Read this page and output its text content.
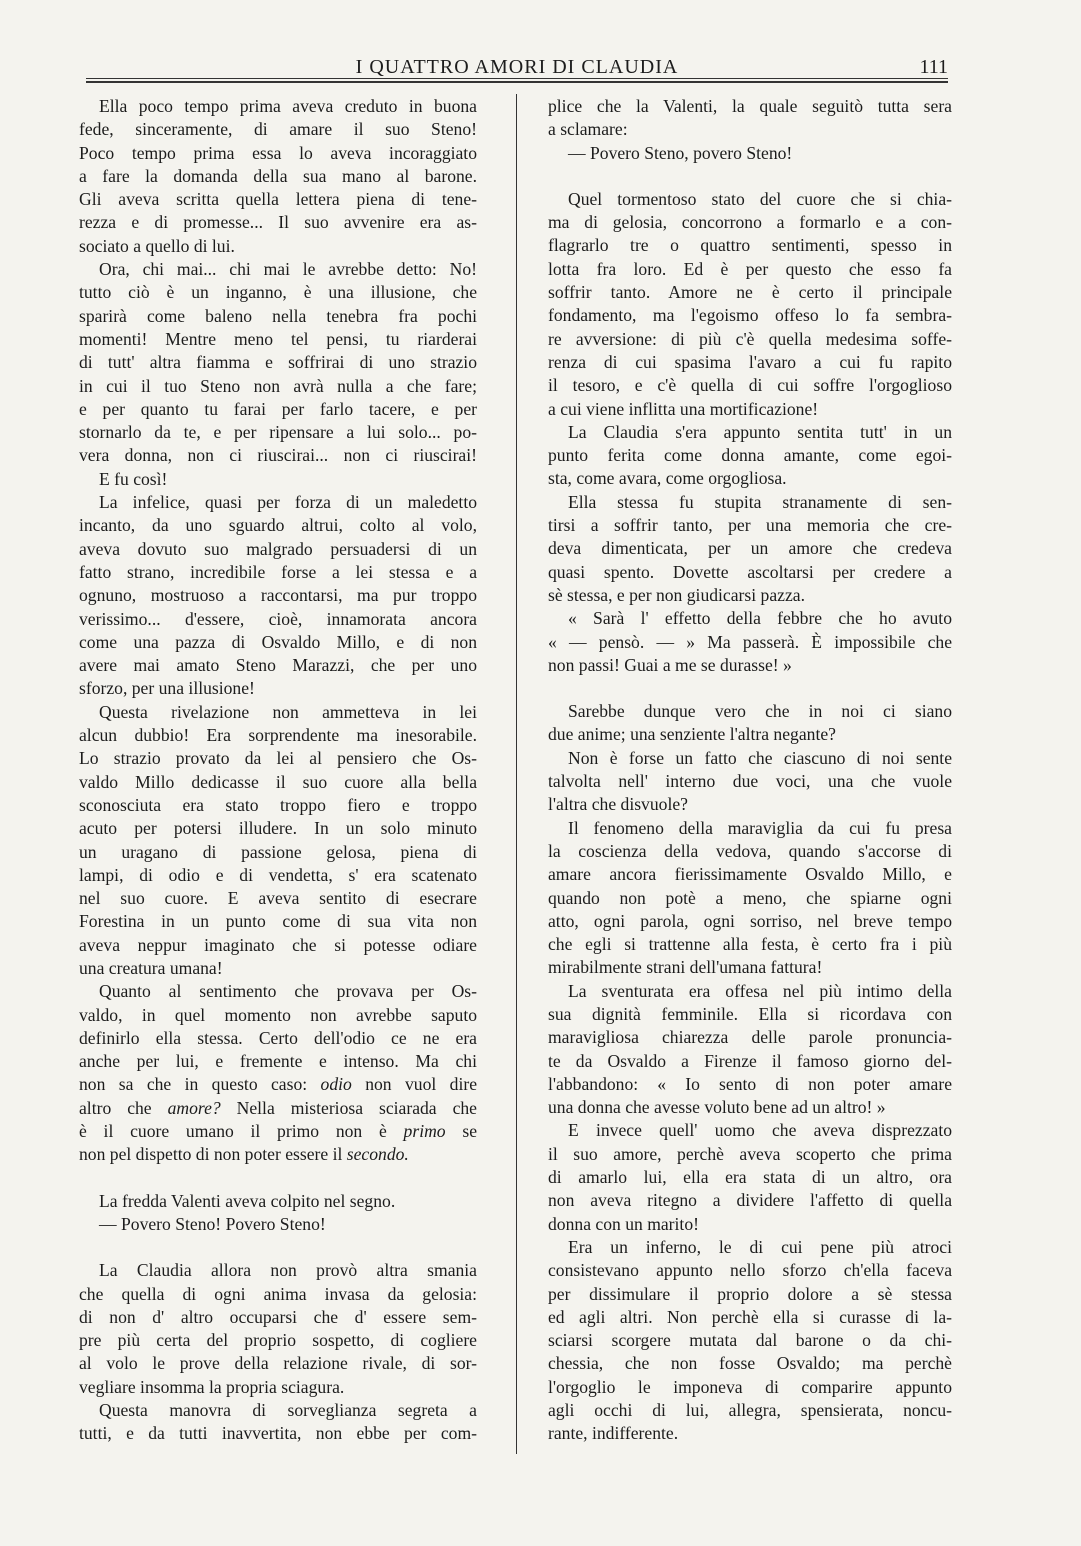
I QUATTRO AMORI DI CLAUDIA	111
Ella poco tempo prima aveva creduto in buona
fede, sinceramente, di amare il suo Steno!
Poco tempo prima essa lo aveva incoraggiato
a fare la domanda della sua mano al barone.
Gli aveva scritta quella lettera piena di tene-
rezza e di promesse... Il suo avvenire era as-
sociato a quello di lui.
Ora, chi mai... chi mai le avrebbe detto: No!
tutto ciò è un inganno, è una illusione, che
sparirà come baleno nella tenebra fra pochi
momenti! Mentre meno tel pensi, tu riarderai
di tutt' altra fiamma e soffrirai di uno strazio
in cui il tuo Steno non avrà nulla a che fare;
e per quanto tu farai per farlo tacere, e per
stornarlo da te, e per ripensare a lui solo... po-
vera donna, non ci riuscirai... non ci riuscirai!
E fu così!
La infelice, quasi per forza di un maledetto
incanto, da uno sguardo altrui, colto al volo,
aveva dovuto suo malgrado persuadersi di un
fatto strano, incredibile forse a lei stessa e a
ognuno, mostruoso a raccontarsi, ma pur troppo
verissimo... d'essere, cioè, innamorata ancora
come una pazza di Osvaldo Millo, e di non
avere mai amato Steno Marazzi, che per uno
sforzo, per una illusione!
Questa rivelazione non ammetteva in lei
alcun dubbio! Era sorprendente ma inesorabile.
Lo strazio provato da lei al pensiero che Os-
valdo Millo dedicasse il suo cuore alla bella
sconosciuta era stato troppo fiero e troppo
acuto per potersi illudere. In un solo minuto
un uragano di passione gelosa, piena di
lampi, di odio e di vendetta, s' era scatenato
nel suo cuore. E aveva sentito di esecrare
Forestina in un punto come di sua vita non
aveva neppur imaginato che si potesse odiare
una creatura umana!
Quanto al sentimento che provava per Os-
valdo, in quel momento non avrebbe saputo
definirlo ella stessa. Certo dell'odio ce ne era
anche per lui, e fremente e intenso. Ma chi
non sa che in questo caso: odio non vuol dire
altro che amore? Nella misteriosa sciarada che
è il cuore umano il primo non è primo se
non pel dispetto di non poter essere il secondo.
La fredda Valenti aveva colpito nel segno.
— Povero Steno! Povero Steno!
La Claudia allora non provò altra smania
che quella di ogni anima invasa da gelosia:
di non d' altro occuparsi che d' essere sem-
pre più certa del proprio sospetto, di cogliere
al volo le prove della relazione rivale, di sor-
vegliare insomma la propria sciagura.
Questa manovra di sorveglianza segreta a
tutti, e da tutti inavvertita, non ebbe per com-
plice che la Valenti, la quale seguitò tutta sera
a sclamare:
— Povero Steno, povero Steno!
Quel tormentoso stato del cuore che si chia-
ma di gelosia, concorrono a formarlo e a con-
flagrarlo tre o quattro sentimenti, spesso in
lotta fra loro. Ed è per questo che esso fa
soffrir tanto. Amore ne è certo il principale
fondamento, ma l'egoismo offeso lo fa sembra-
re avversione: di più c'è quella medesima soffe-
renza di cui spasima l'avaro a cui fu rapito
il tesoro, e c'è quella di cui soffre l'orgoglioso
a cui viene inflitta una mortificazione!
La Claudia s'era appunto sentita tutt' in un
punto ferita come donna amante, come egoi-
sta, come avara, come orgogliosa.
Ella stessa fu stupita stranamente di sen-
tirsi a soffrir tanto, per una memoria che cre-
deva dimenticata, per un amore che credeva
quasi spento. Dovette ascoltarsi per credere a
sè stessa, e per non giudicarsi pazza.
« Sarà l' effetto della febbre che ho avuto
« — pensò. — » Ma passerà. È impossibile che
non passi! Guai a me se durasse! »
Sarebbe dunque vero che in noi ci siano
due anime; una senziente l'altra negante?
Non è forse un fatto che ciascuno di noi sente
talvolta nell' interno due voci, una che vuole
l'altra che disvuole?
Il fenomeno della maraviglia da cui fu presa
la coscienza della vedova, quando s'accorse di
amare ancora fierissimamente Osvaldo Millo, e
quando non potè a meno, che spiarne ogni
atto, ogni parola, ogni sorriso, nel breve tempo
che egli si trattenne alla festa, è certo fra i più
mirabilmente strani dell'umana fattura!
La sventurata era offesa nel più intimo della
sua dignità femminile. Ella si ricordava con
maravigliosa chiarezza delle parole pronuncia-
te da Osvaldo a Firenze il famoso giorno del-
l'abbandono: « Io sento di non poter amare
una donna che avesse voluto bene ad un altro! »
E invece quell' uomo che aveva disprezzato
il suo amore, perchè aveva scoperto che prima
di amarlo lui, ella era stata di un altro, ora
non aveva ritegno a dividere l'affetto di quella
donna con un marito!
Era un inferno, le di cui pene più atroci
consistevano appunto nello sforzo ch'ella faceva
per dissimulare il proprio dolore a sè stessa
ed agli altri. Non perchè ella si curasse di la-
sciarsi scorgere mutata dal barone o da chi-
chessia, che non fosse Osvaldo; ma perchè
l'orgoglio le imponeva di comparire appunto
agli occhi di lui, allegra, spensierata, noncu-
rante, indifferente.
